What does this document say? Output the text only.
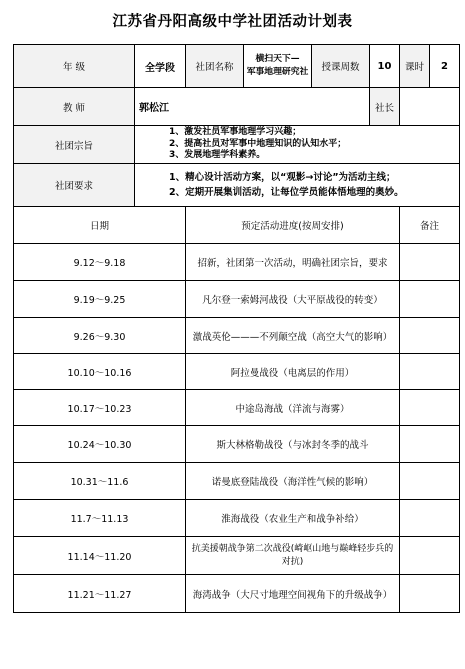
江苏省丹阳高级中学社团活动计划表
年 级	全学段	社团名称	横扫天下—
军事地理研究社	授课周数	10	课时	2
教 师	郭松江				社长		
社团宗旨	1、激发社员军事地理学习兴趣；
2、提高社员对军事中地理知识的认知水平；
3、发展地理学科素养。						

社团要求	1、精心设计活动方案，以“观影→讨论”为活动主线；
2、定期开展集训活动，让每位学员能体悟地理的奥妙。						

日期		预定活动进度(按周安排)				备注	
9.12～9.18		招新，社团第一次活动，明确社团宗旨，要求					
9.19～9.25		凡尔登一索姆河战役（大平原战役的转变）					
9.26～9.30		激战英伦———不列颠空战（高空大气的影响）					
10.10～10.16		阿拉曼战役（电离层的作用）					
10.17～10.23		中途岛海战（洋流与海雾）					
10.24～10.30		斯大林格勒战役（与冰封冬季的战斗					
10.31～11.6		诺曼底登陆战役（海洋性气候的影响）					
11.7～11.13		淮海战役（农业生产和战争补给）					
11.14～11.20		抗美援朝战争第二次战役(崎岖山地与巅峰轻步兵的
对抗)					

11.21～11.27		海湾战争（大尺寸地理空间视角下的升级战争）					
